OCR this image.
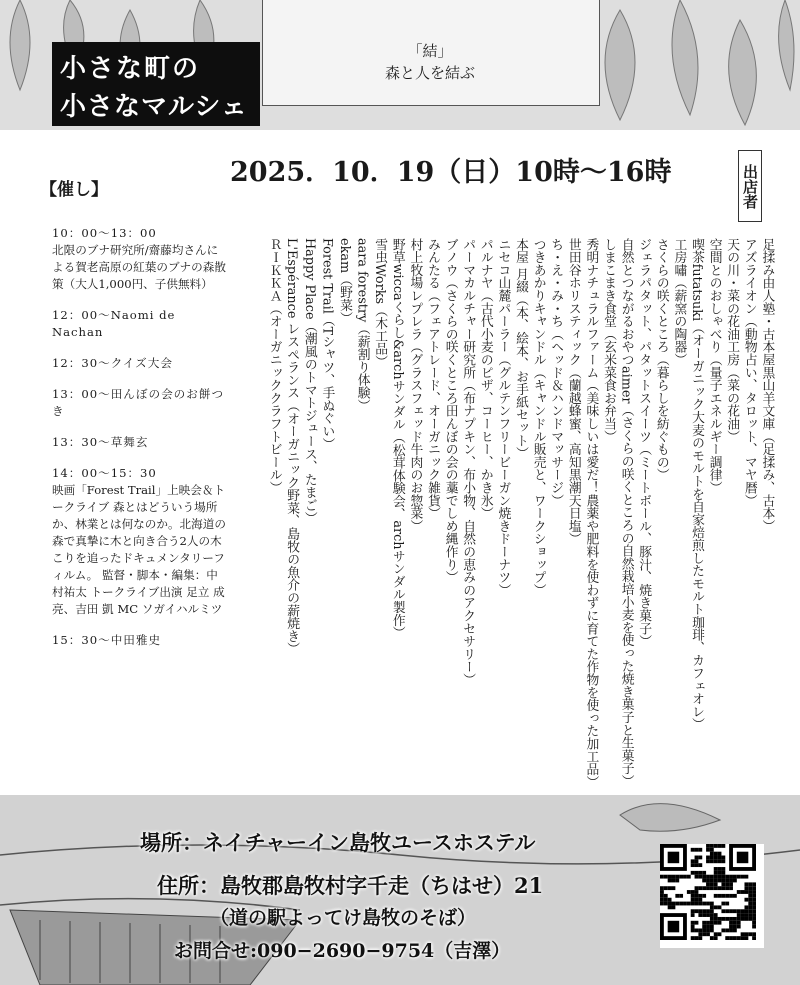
「結」
森と人を結ぶ
小さな町の
小さなマルシェ
2025．10．19（日）10時〜16時
【催し】
10：00〜13：00
北限のブナ研究所/齋藤均さんによる賀老高原の紅葉のブナの森散策（大人1,000円、子供無料）
12：00〜Naomi de Nachan
12：30〜クイズ大会
13：00〜田んぼの会のお餅つき
13：30〜草舞玄
14：00〜15：30
映画「Forest Trail」上映会＆トークライブ 森とはどういう場所か、林業とは何なのか。北海道の森で真摯に木と向き合う2人の木こりを追ったドキュメンタリーフィルム。 監督・脚本・編集：中村祐太 トークライブ出演 足立 成亮、吉田 凱 MC ソガイハルミツ
15：30〜中田雅史
出店者
足揉み由人塾・古本屋黒山羊文庫（足揉み、古本）
アズライオン（動物占い、タロット、マヤ暦）
天の川・菜の花油工房（菜の花油）
空間とのおしゃべり（量子エネルギー調律）
喫茶futatsuki（オーガニック大麦のモルトを自家焙煎したモルト珈琲、カフェオレ）
工房嘯（薪窯の陶器）
さくらの咲くところ（暮らしを紡ぐもの）
ジェラパタット、パタットスイーツ（ミートボール、豚汁、焼き菓子）
自然とつながるおやつaimer（さくらの咲くところの自然栽培小麦を使った焼き菓子と生菓子）
しまこまき食堂（玄米菜食お弁当）
秀明ナチュラルファーム（美味しいは愛だ！農薬や肥料を使わずに育てた作物を使った加工品）
世田谷ホリスティック（蘭越蜂蜜、高知黒潮天日塩）
ち・え・み・ち（ヘッド＆ハンドマッサージ）
つきあかりキャンドル（キャンドル販売と、ワークショップ）
本屋 月綴（本、絵本、お手紙セット）
ニセコ山麓パーラー（グルテンフリービーガン焼きドーナツ）
パルナヤ（古代小麦のピザ、コーヒー、かき氷）
パーマカルチャー研究所（布ナプキン、布小物、自然の恵みのアクセサリー）
ブノウ（さくらの咲くところ田んぼの会の藁でしめ縄作り）
みんたる（フェアトレード、オーガニック雑貨）
村上牧場レプレラ（グラスフェッド牛肉のお惣菜）
野草wiccaくらし&archサンダル（松茸体験会、archサンダル製作）
雪虫Works（木工品）
aara forestry（薪割り体験）
ekam（野菜）
Forest Trail（Tシャツ、手ぬぐい）
Happy Place（潮風のトマトジュース、たまご）
L'Espérance レスペランス（オーガニック野菜、島牧の魚介の薪焼き）
ＲＩＫＫＡ（オーガニッククラフトビール）
場所：ネイチャーイン島牧ユースホステル
住所：島牧郡島牧村字千走（ちはせ）21
（道の駅よってけ島牧のそば）
お問合せ:090−2690−9754（吉澤）
